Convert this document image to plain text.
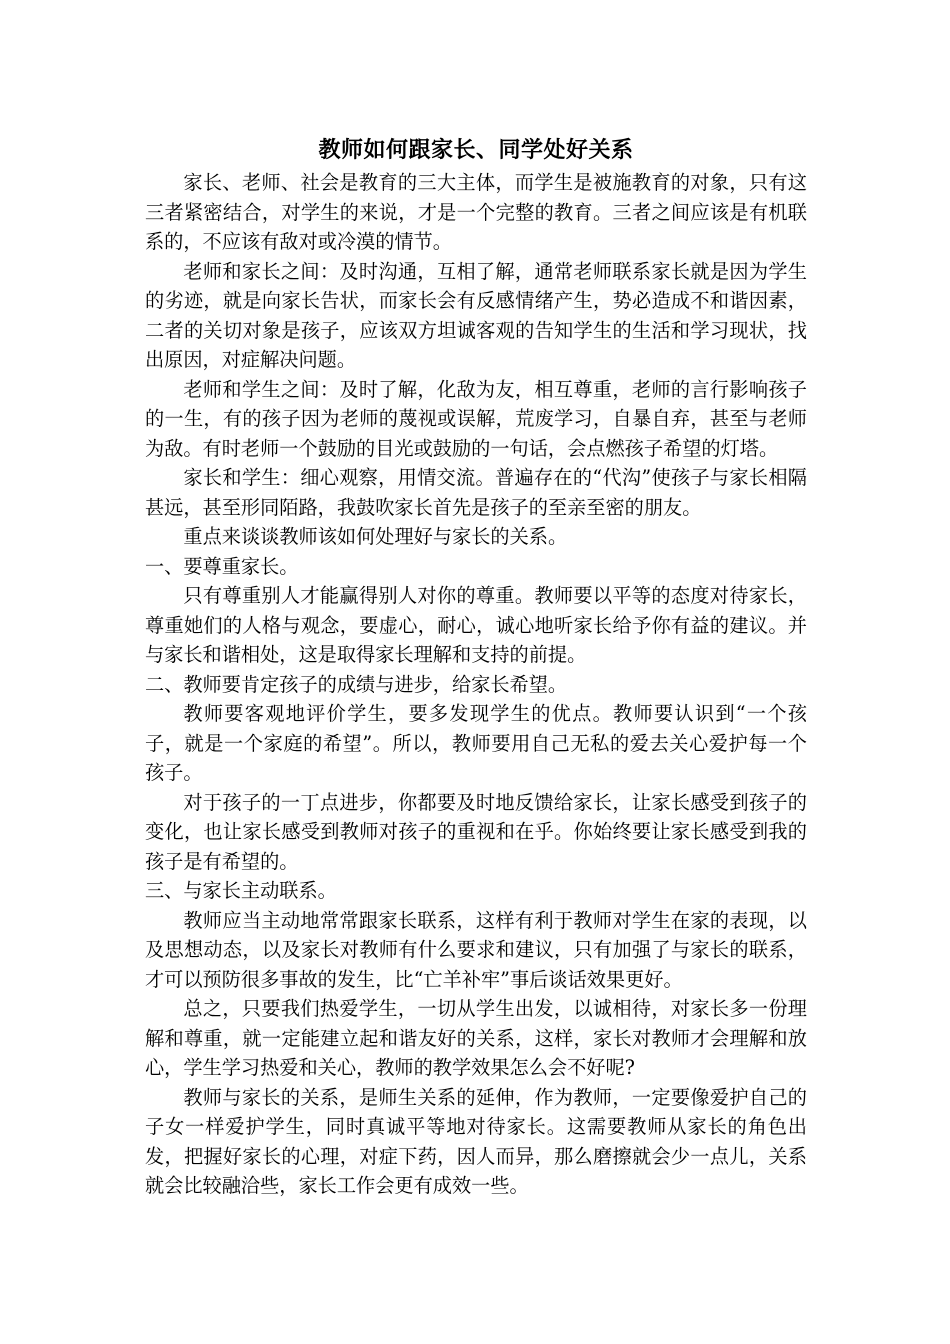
教师如何跟家长、同学处好关系

家长、老师、社会是教育的三大主体，而学生是被施教育的对象，只有这三者紧密结合，对学生的来说，才是一个完整的教育。三者之间应该是有机联系的，不应该有敌对或冷漠的情节。

老师和家长之间：及时沟通，互相了解，通常老师联系家长就是因为学生的劣迹，就是向家长告状，而家长会有反感情绪产生，势必造成不和谐因素，二者的关切对象是孩子，应该双方坦诚客观的告知学生的生活和学习现状，找出原因，对症解决问题。

老师和学生之间：及时了解，化敌为友，相互尊重，老师的言行影响孩子的一生，有的孩子因为老师的蔑视或误解，荒废学习，自暴自弃，甚至与老师为敌。有时老师一个鼓励的目光或鼓励的一句话，会点燃孩子希望的灯塔。

家长和学生：细心观察，用情交流。普遍存在的“代沟”使孩子与家长相隔甚远，甚至形同陌路，我鼓吹家长首先是孩子的至亲至密的朋友。

重点来谈谈教师该如何处理好与家长的关系。

一、要尊重家长。

只有尊重别人才能赢得别人对你的尊重。教师要以平等的态度对待家长，尊重她们的人格与观念，要虚心，耐心，诚心地听家长给予你有益的建议。并与家长和谐相处，这是取得家长理解和支持的前提。

二、教师要肯定孩子的成绩与进步，给家长希望。

教师要客观地评价学生，要多发现学生的优点。教师要认识到“一个孩子，就是一个家庭的希望”。所以，教师要用自己无私的爱去关心爱护每一个孩子。

对于孩子的一丁点进步，你都要及时地反馈给家长，让家长感受到孩子的变化，也让家长感受到教师对孩子的重视和在乎。你始终要让家长感受到我的孩子是有希望的。

三、与家长主动联系。

教师应当主动地常常跟家长联系，这样有利于教师对学生在家的表现，以及思想动态，以及家长对教师有什么要求和建议，只有加强了与家长的联系，才可以预防很多事故的发生，比“亡羊补牢”事后谈话效果更好。

总之，只要我们热爱学生，一切从学生出发，以诚相待，对家长多一份理解和尊重，就一定能建立起和谐友好的关系，这样，家长对教师才会理解和放心，学生学习热爱和关心，教师的教学效果怎么会不好呢?

教师与家长的关系，是师生关系的延伸，作为教师，一定要像爱护自己的子女一样爱护学生，同时真诚平等地对待家长。这需要教师从家长的角色出发，把握好家长的心理，对症下药，因人而异，那么磨擦就会少一点儿，关系就会比较融洽些，家长工作会更有成效一些。
